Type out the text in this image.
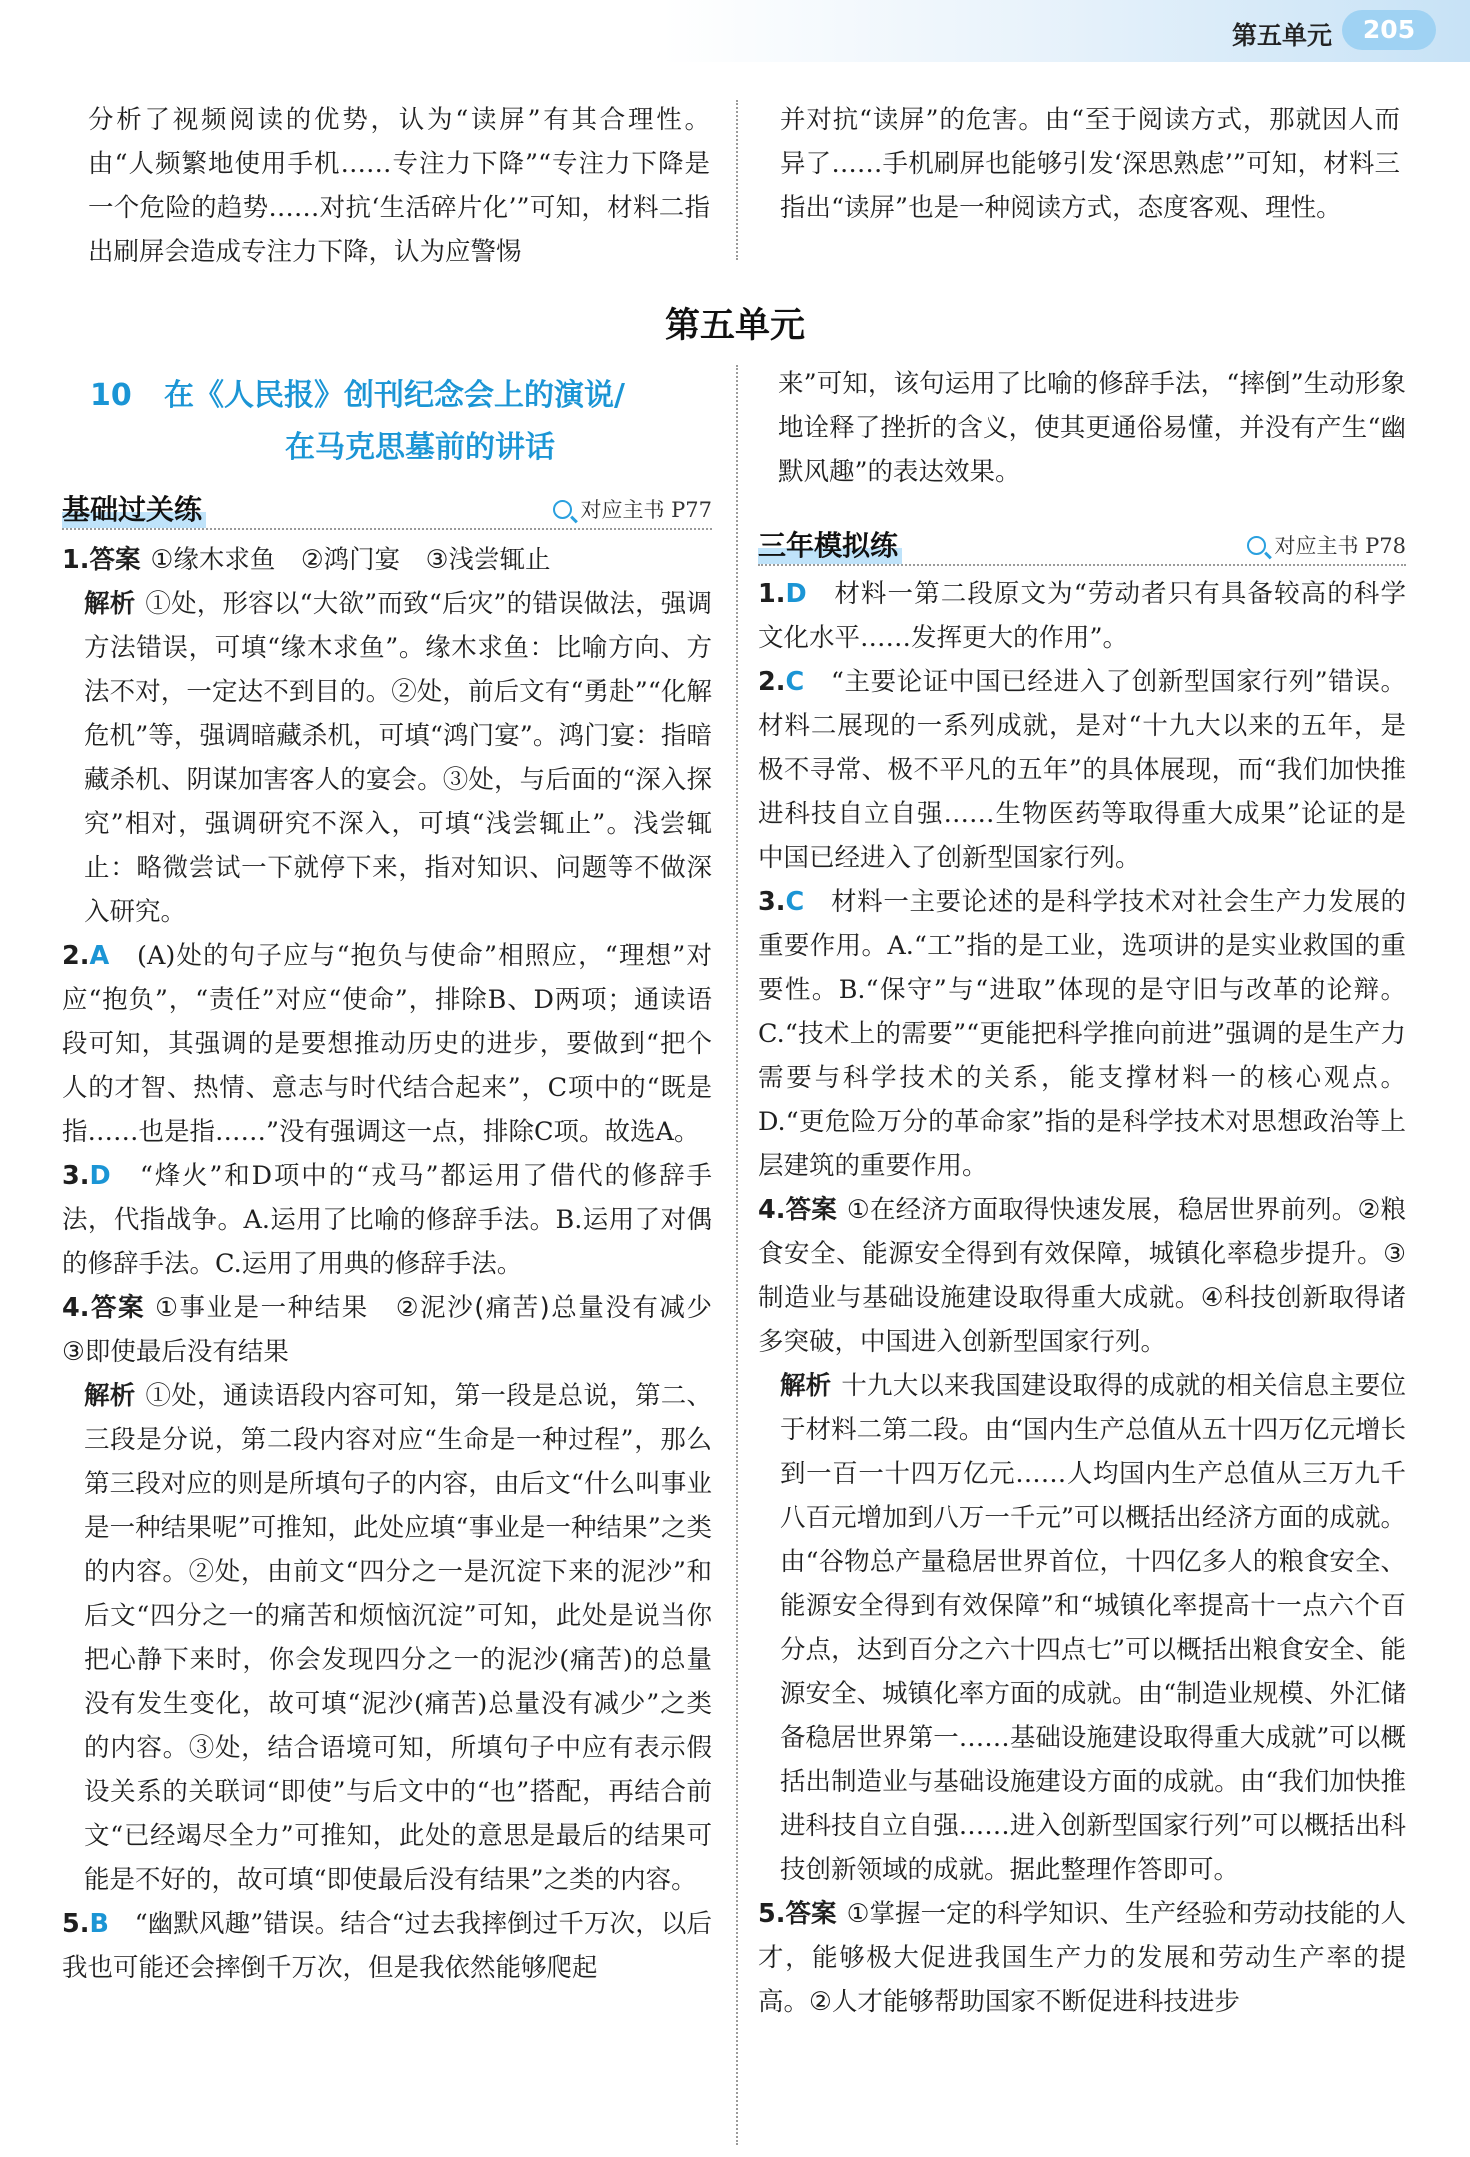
第五单元	205

分析了视频阅读的优势，认为“读屏”有其合理性。由“人频繁地使用手机……专注力下降”“专注力下降是一个危险的趋势……对抗‘生活碎片化’”可知，材料二指出刷屏会造成专注力下降，认为应警惕

并对抗“读屏”的危害。由“至于阅读方式，那就因人而异了……手机刷屏也能够引发‘深思熟虑’”可知，材料三指出“读屏”也是一种阅读方式，态度客观、理性。

第五单元
10 在《人民报》创刊纪念会上的演说/
在马克思墓前的讲话
基础过关练	对应主书 P77

1.答案 ①缘木求鱼　②鸿门宴　③浅尝辄止

解析 ①处，形容以“大欲”而致“后灾”的错误做法，强调方法错误，可填“缘木求鱼”。缘木求鱼：比喻方向、方法不对，一定达不到目的。②处，前后文有“勇赴”“化解危机”等，强调暗藏杀机，可填“鸿门宴”。鸿门宴：指暗藏杀机、阴谋加害客人的宴会。③处，与后面的“深入探究”相对，强调研究不深入，可填“浅尝辄止”。浅尝辄止：略微尝试一下就停下来，指对知识、问题等不做深入研究。

2.A　 (A)处的句子应与“抱负与使命”相照应，“理想”对应“抱负”，“责任”对应“使命”，排除B、D两项；通读语段可知，其强调的是要想推动历史的进步，要做到“把个人的才智、热情、意志与时代结合起来”，C项中的“既是指……也是指……”没有强调这一点，排除C项。故选A。

3.D　 “烽火”和D项中的“戎马”都运用了借代的修辞手法，代指战争。A.运用了比喻的修辞手法。B.运用了对偶的修辞手法。C.运用了用典的修辞手法。

4.答案 ①事业是一种结果　②泥沙(痛苦)总量没有减少　③即使最后没有结果

解析 ①处，通读语段内容可知，第一段是总说，第二、三段是分说，第二段内容对应“生命是一种过程”，那么第三段对应的则是所填句子的内容，由后文“什么叫事业是一种结果呢”可推知，此处应填“事业是一种结果”之类的内容。②处，由前文“四分之一是沉淀下来的泥沙”和后文“四分之一的痛苦和烦恼沉淀”可知，此处是说当你把心静下来时，你会发现四分之一的泥沙(痛苦)的总量没有发生变化，故可填“泥沙(痛苦)总量没有减少”之类的内容。③处，结合语境可知，所填句子中应有表示假设关系的关联词“即使”与后文中的“也”搭配，再结合前文“已经竭尽全力”可推知，此处的意思是最后的结果可能是不好的，故可填“即使最后没有结果”之类的内容。

5.B　 “幽默风趣”错误。结合“过去我摔倒过千万次，以后我也可能还会摔倒千万次，但是我依然能够爬起

来”可知，该句运用了比喻的修辞手法，“摔倒”生动形象地诠释了挫折的含义，使其更通俗易懂，并没有产生“幽默风趣”的表达效果。

三年模拟练	对应主书 P78

1.D　 材料一第二段原文为“劳动者只有具备较高的科学文化水平……发挥更大的作用”。

2.C　 “主要论证中国已经进入了创新型国家行列”错误。材料二展现的一系列成就，是对“十九大以来的五年，是极不寻常、极不平凡的五年”的具体展现，而“我们加快推进科技自立自强……生物医药等取得重大成果”论证的是中国已经进入了创新型国家行列。

3.C　 材料一主要论述的是科学技术对社会生产力发展的重要作用。A.“工”指的是工业，选项讲的是实业救国的重要性。B.“保守”与“进取”体现的是守旧与改革的论辩。C.“技术上的需要”“更能把科学推向前进”强调的是生产力需要与科学技术的关系，能支撑材料一的核心观点。D.“更危险万分的革命家”指的是科学技术对思想政治等上层建筑的重要作用。

4.答案 ①在经济方面取得快速发展，稳居世界前列。②粮食安全、能源安全得到有效保障，城镇化率稳步提升。③制造业与基础设施建设取得重大成就。④科技创新取得诸多突破，中国进入创新型国家行列。

解析 十九大以来我国建设取得的成就的相关信息主要位于材料二第二段。由“国内生产总值从五十四万亿元增长到一百一十四万亿元……人均国内生产总值从三万九千八百元增加到八万一千元”可以概括出经济方面的成就。由“谷物总产量稳居世界首位，十四亿多人的粮食安全、能源安全得到有效保障”和“城镇化率提高十一点六个百分点，达到百分之六十四点七”可以概括出粮食安全、能源安全、城镇化率方面的成就。由“制造业规模、外汇储备稳居世界第一……基础设施建设取得重大成就”可以概括出制造业与基础设施建设方面的成就。由“我们加快推进科技自立自强……进入创新型国家行列”可以概括出科技创新领域的成就。据此整理作答即可。

5.答案 ①掌握一定的科学知识、生产经验和劳动技能的人才，能够极大促进我国生产力的发展和劳动生产率的提高。②人才能够帮助国家不断促进科技进步
